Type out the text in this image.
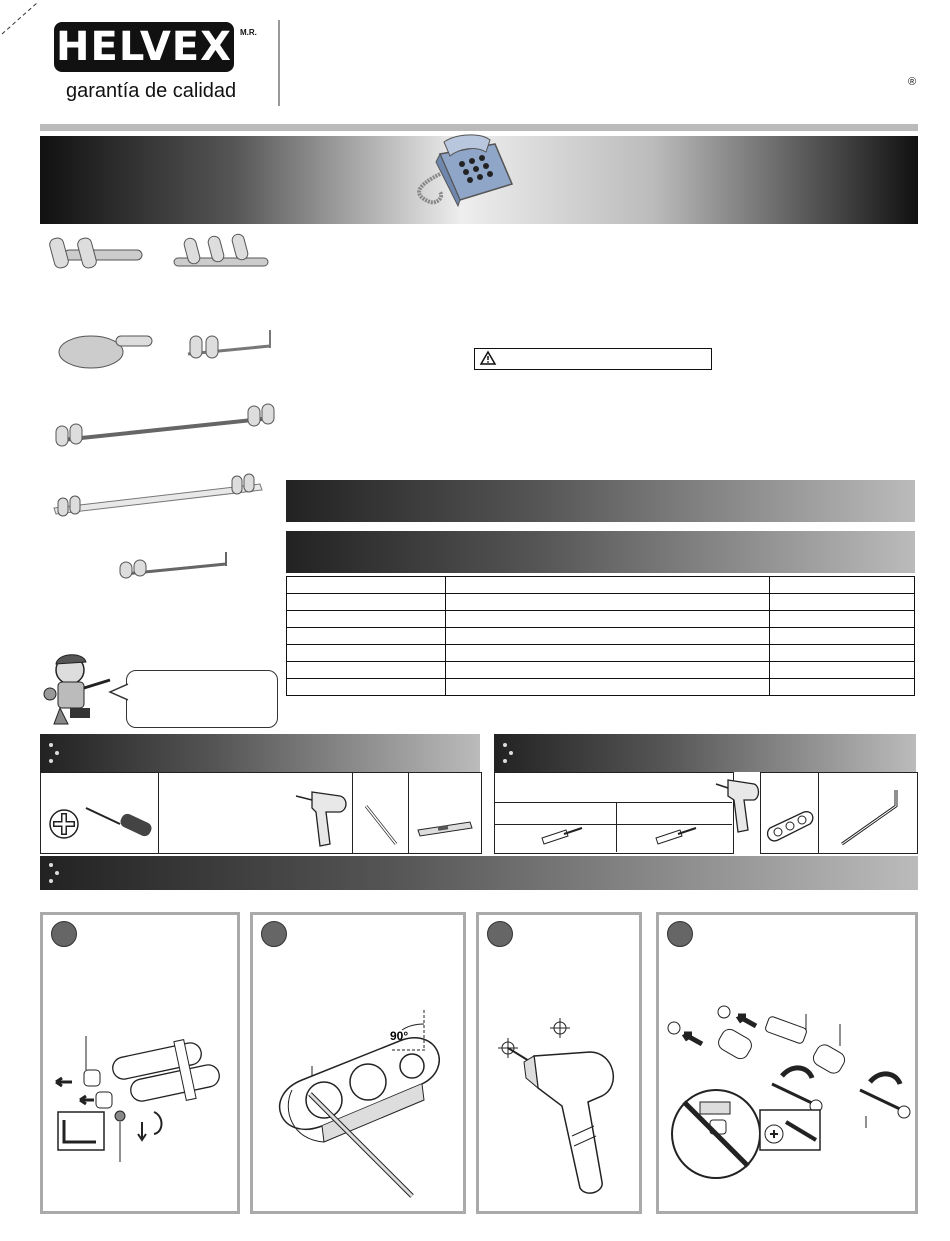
HELVEX M.R.
garantía de calidad	®

90°
